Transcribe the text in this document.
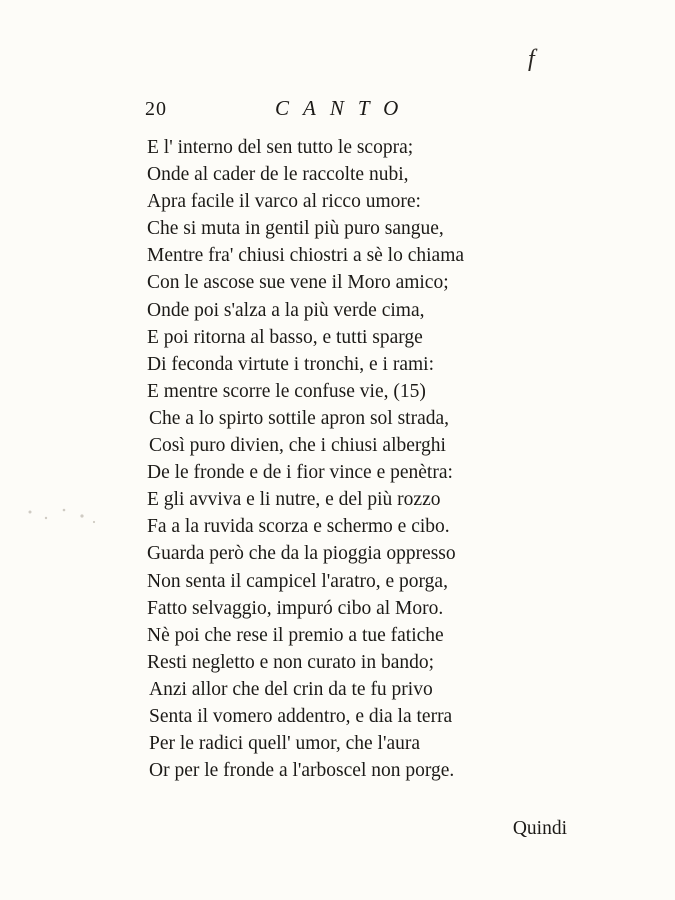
f
20	CANTO
E l' interno del sen tutto le scopra;
Onde al cader de le raccolte nubi,
Apra facile il varco al ricco umore:
Che si muta in gentil più puro sangue,
Mentre fra' chiusi chiostri a sè lo chiama
Con le ascose sue vene il Moro amico;
Onde poi s'alza a la più verde cima,
E poi ritorna al basso, e tutti sparge
Di feconda virtute i tronchi, e i rami:
E mentre scorre le confuse vie, (15)
Che a lo spirto sottile apron sol strada,
Così puro divien, che i chiusi alberghi
De le fronde e de i fior vince e penètra:
E gli avviva e li nutre, e del più rozzo
Fa a la ruvida scorza e schermo e cibo.
Guarda però che da la pioggia oppresso
Non senta il campicel l'aratro, e porga,
Fatto selvaggio, impuró cibo al Moro.
Nè poi che rese il premio a tue fatiche
Resti negletto e non curato in bando;
Anzi allor che del crin da te fu privo
Senta il vomero addentro, e dia la terra
Per le radici quell' umor, che l'aura
Or per le fronde a l'arboscel non porge.
Quindi
